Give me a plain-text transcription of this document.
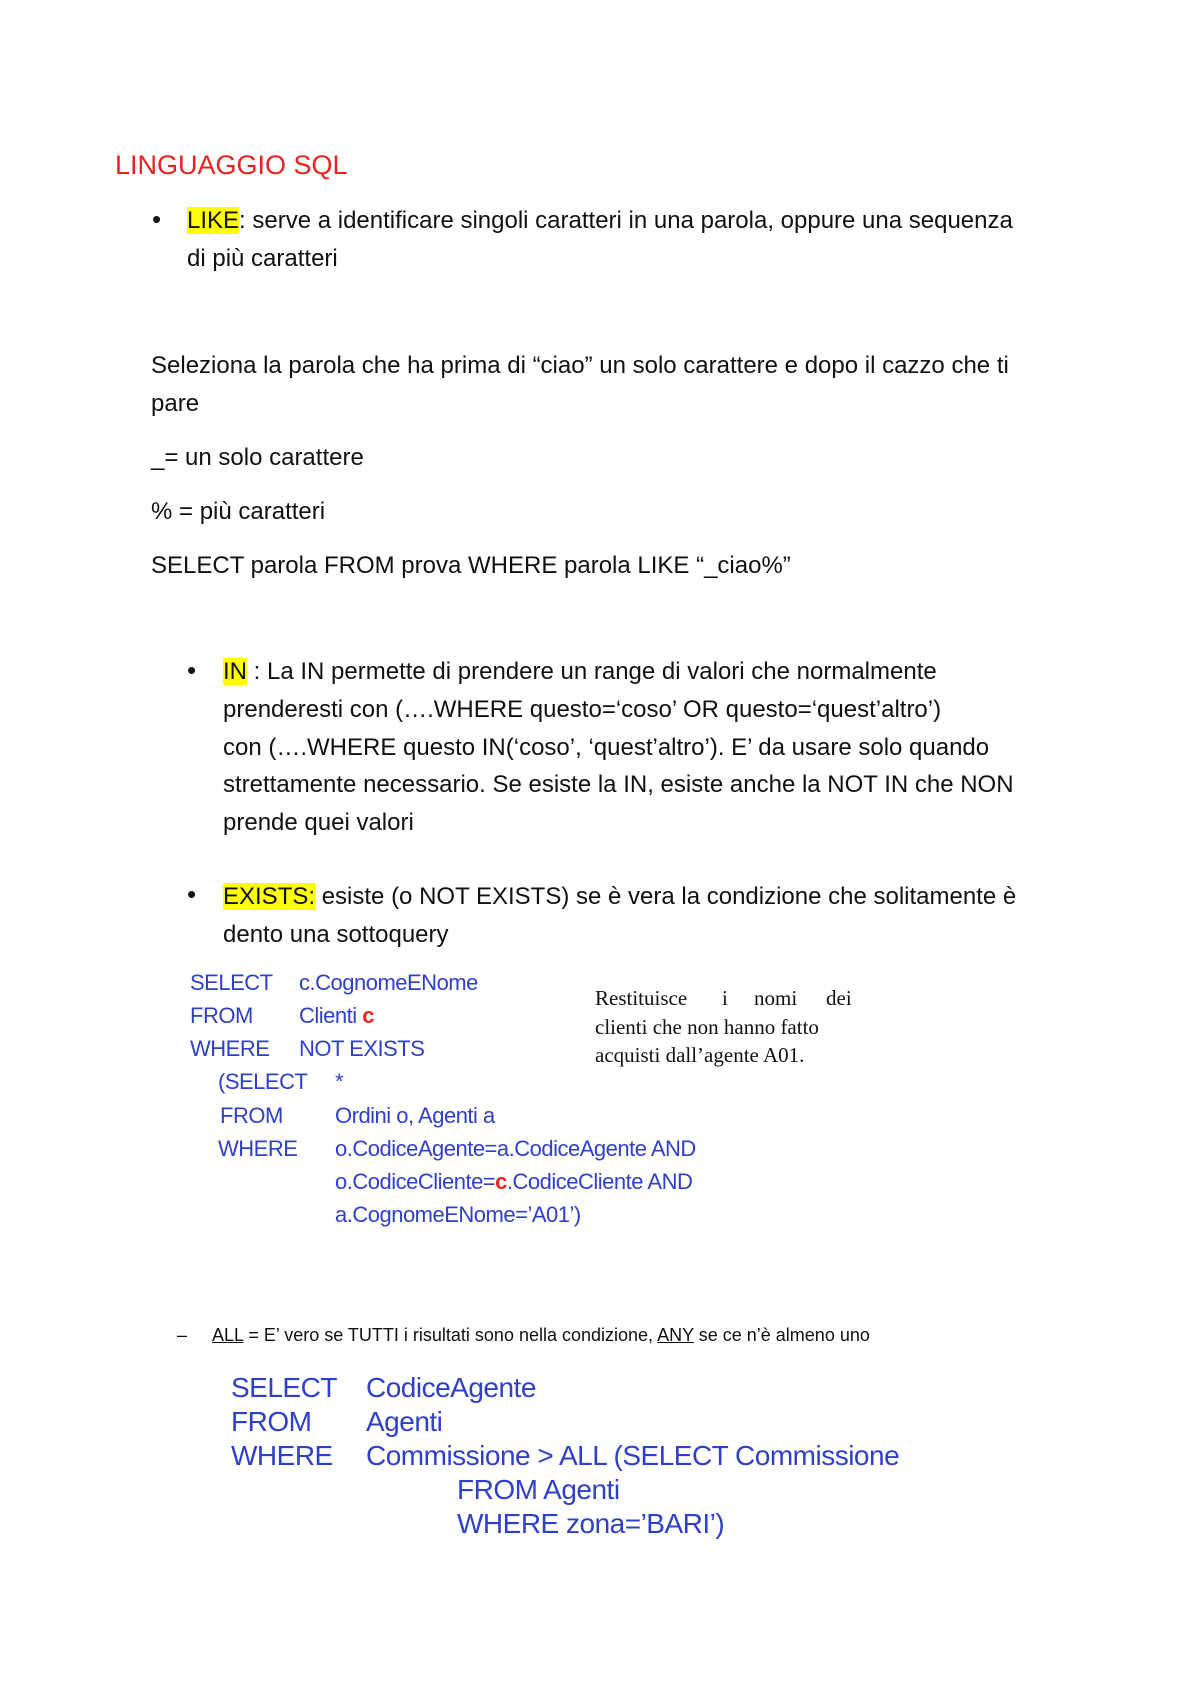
LINGUAGGIO SQL
• LIKE: serve a identificare singoli caratteri in una parola, oppure una sequenza
di più caratteri
Seleziona la parola che ha prima di “ciao” un solo carattere e dopo il cazzo che ti
pare
_= un solo carattere
% = più caratteri
SELECT parola FROM prova WHERE parola LIKE “_ciao%”
• IN : La IN permette di prendere un range di valori che normalmente
prenderesti con (….WHERE questo=‘coso’ OR questo=‘quest’altro’)
con (….WHERE questo IN(‘coso’, ‘quest’altro’). E’ da usare solo quando
strettamente necessario. Se esiste la IN, esiste anche la NOT IN che NON
prende quei valori
• EXISTS: esiste (o NOT EXISTS) se è vera la condizione che solitamente è
dento una sottoquery
SELECT c.CognomeENome
FROM Clienti c
WHERE NOT EXISTS
(SELECT *
FROM Ordini o, Agenti a
WHERE o.CodiceAgente=a.CodiceAgente AND
o.CodiceCliente=c.CodiceCliente AND
a.CognomeENome=’A01’)
Restituisce i nomi dei
clienti che non hanno fatto
acquisti dall’agente A01.
– ALL = E’ vero se TUTTI i risultati sono nella condizione, ANY se ce n’è almeno uno
SELECT CodiceAgente
FROM Agenti
WHERE Commissione > ALL (SELECT Commissione
FROM Agenti
WHERE zona=’BARI’)
